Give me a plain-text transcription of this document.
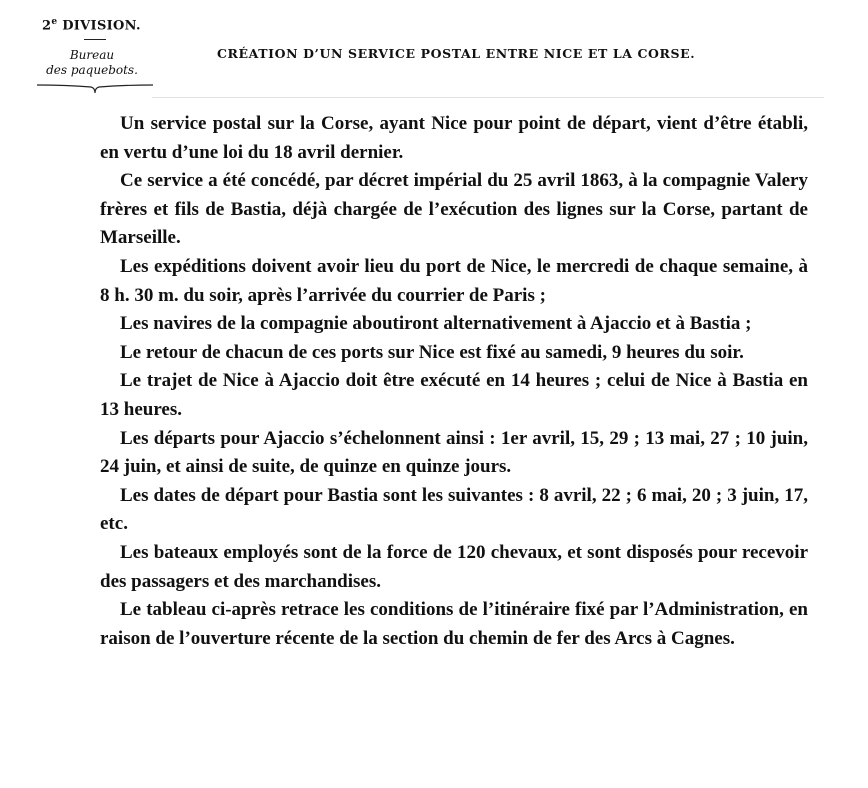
2e DIVISION.
Bureau
des paquebots.
CRÉATION D’UN SERVICE POSTAL ENTRE NICE ET LA CORSE.

Un service postal sur la Corse, ayant Nice pour point de départ, vient d’être établi, en vertu d’une loi du 18 avril dernier.

Ce service a été concédé, par décret impérial du 25 avril 1863, à la compagnie Valery frères et fils de Bastia, déjà chargée de l’exécution des lignes sur la Corse, partant de Marseille.

Les expéditions doivent avoir lieu du port de Nice, le mercredi de chaque semaine, à 8 h. 30 m. du soir, après l’arrivée du courrier de Paris ;

Les navires de la compagnie aboutiront alternativement à Ajaccio et à Bastia ;

Le retour de chacun de ces ports sur Nice est fixé au samedi, 9 heures du soir.

Le trajet de Nice à Ajaccio doit être exécuté en 14 heures ; celui de Nice à Bastia en 13 heures.

Les départs pour Ajaccio s’échelonnent ainsi : 1er avril, 15, 29 ; 13 mai, 27 ; 10 juin, 24 juin, et ainsi de suite, de quinze en quinze jours.

Les dates de départ pour Bastia sont les suivantes : 8 avril, 22 ; 6 mai, 20 ; 3 juin, 17, etc.

Les bateaux employés sont de la force de 120 chevaux, et sont disposés pour recevoir des passagers et des marchandises.

Le tableau ci-après retrace les conditions de l’itinéraire fixé par l’Administration, en raison de l’ouverture récente de la section du chemin de fer des Arcs à Cagnes.
